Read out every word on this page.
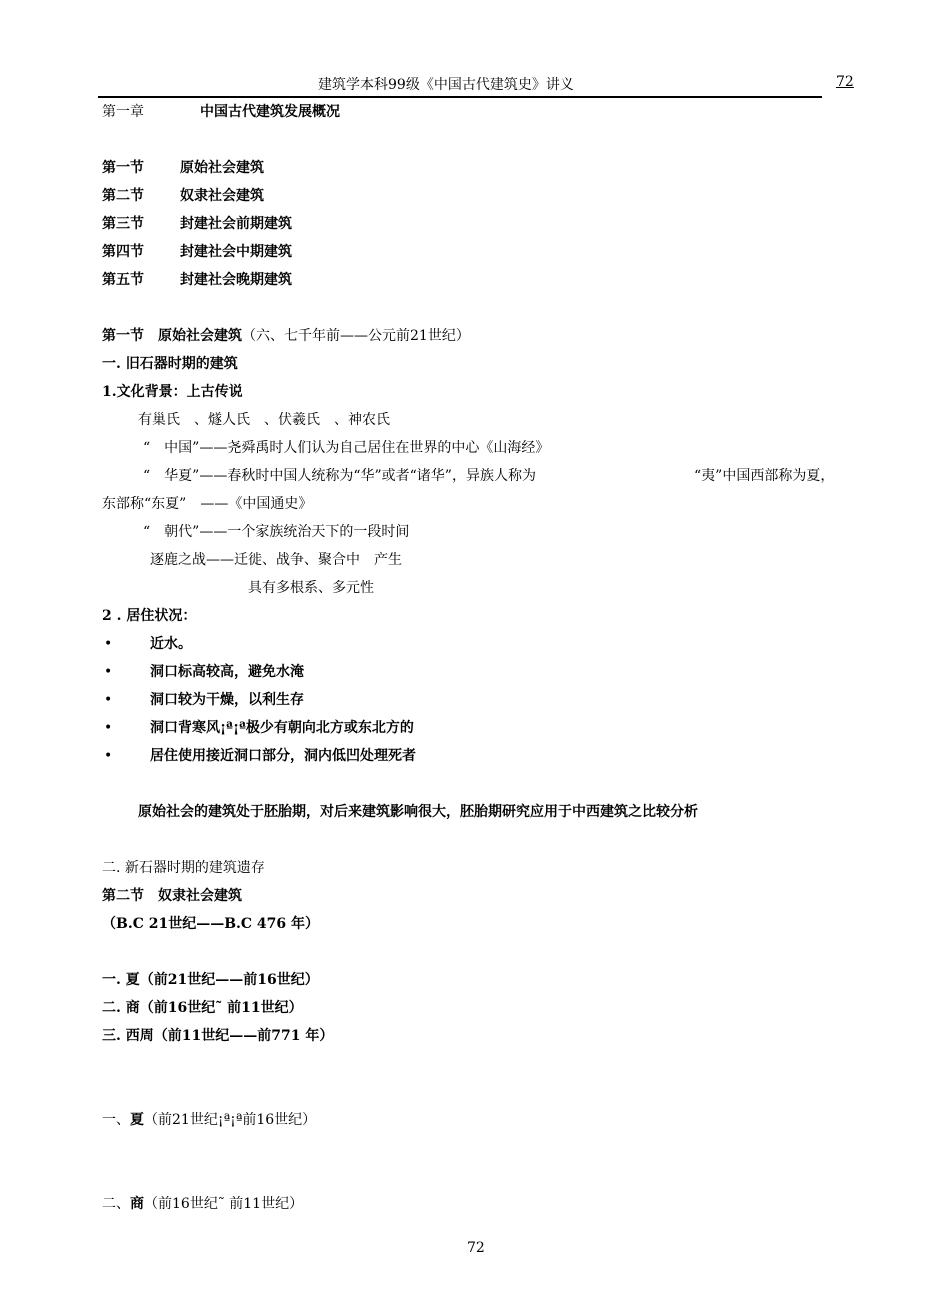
建筑学本科99级《中国古代建筑史》讲义	72
第一章	中国古代建筑发展概况
第一节	原始社会建筑
第二节	奴隶社会建筑
第三节	封建社会前期建筑
第四节	封建社会中期建筑
第五节	封建社会晚期建筑
第一节　原始社会建筑（六、七千年前——公元前21世纪）
一. 旧石器时期的建筑
1.文化背景：上古传说
有巢氏　、燧人氏　、伏羲氏　、神农氏
“　中国”——尧舜禹时人们认为自己居住在世界的中心《山海经》
“　华夏”——春秋时中国人统称为“华”或者“诸华”，异族人称为	“夷”中国西部称为夏，
东部称“东夏”　——《中国通史》
“　朝代”——一个家族统治天下的一段时间
逐鹿之战——迁徙、战争、聚合中　产生
具有多根系、多元性
2 . 居住状况：
•	近水。
•	洞口标高较高，避免水淹
•	洞口较为干燥，以利生存
•	洞口背寒风¡ª¡ª极少有朝向北方或东北方的
•	居住使用接近洞口部分，洞内低凹处理死者
原始社会的建筑处于胚胎期，对后来建筑影响很大，胚胎期研究应用于中西建筑之比较分析
二. 新石器时期的建筑遗存
第二节　奴隶社会建筑
（B.C 21世纪——B.C 476 年）
一. 夏（前21世纪——前16世纪）
二. 商（前16世纪˜ 前11世纪）
三. 西周（前11世纪——前771 年）
一、夏（前21世纪¡ª¡ª前16世纪）
二、商（前16世纪˜ 前11世纪）
72
